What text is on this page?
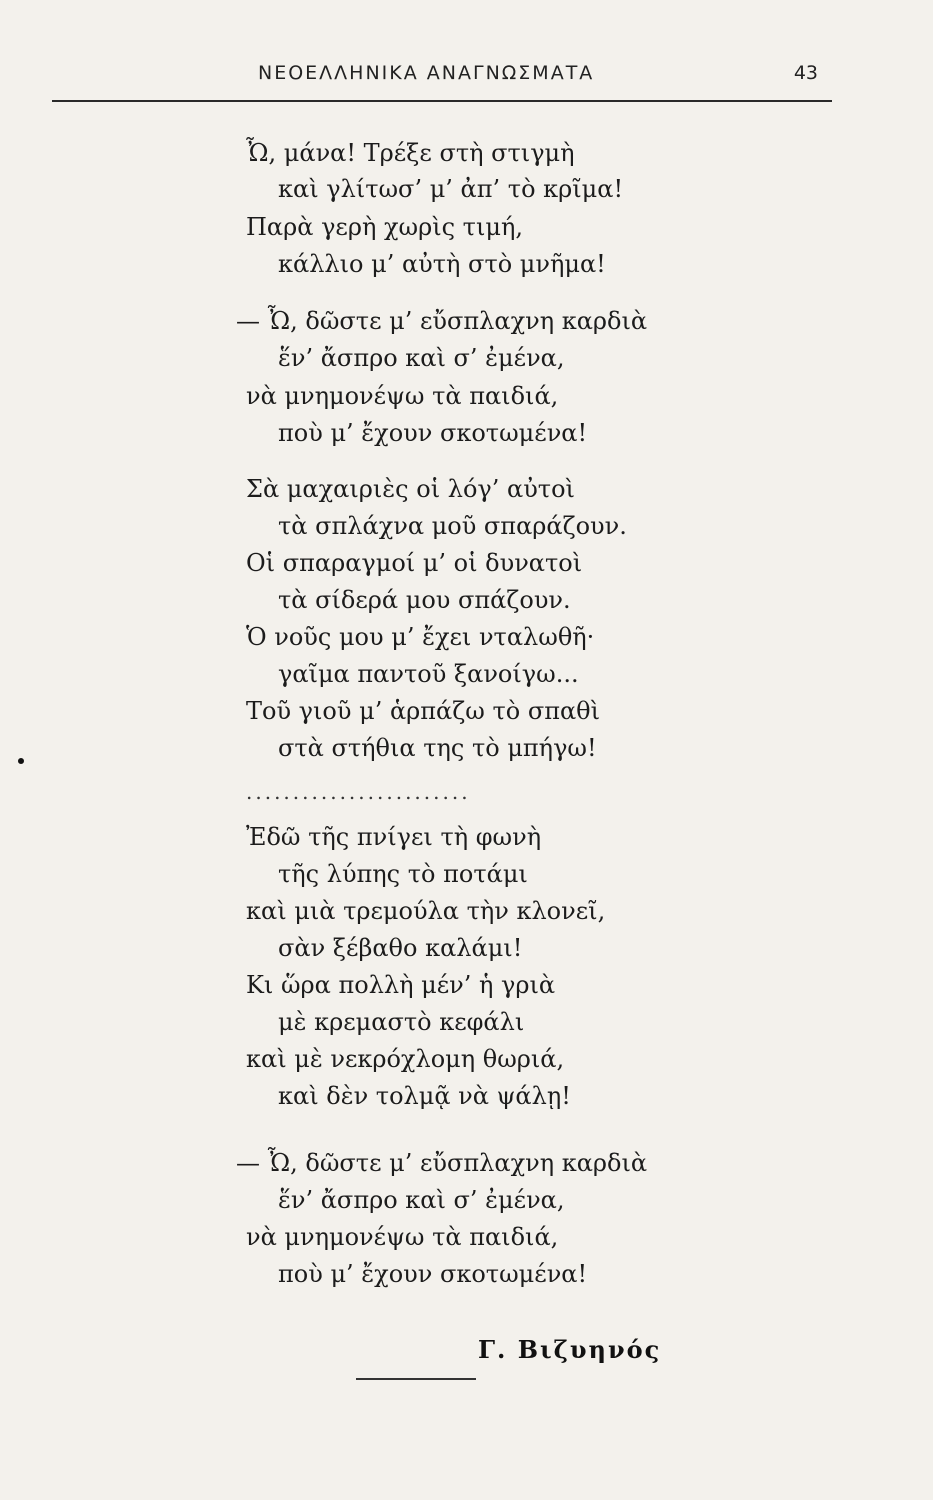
ΝΕΟΕΛΛΗΝΙΚΑ ΑΝΑΓΝΩΣΜΑΤΑ	43
Ὦ, μάνα! Τρέξε στὴ στιγμὴ
καὶ γλίτωσ’ μ’ ἀπ’ τὸ κρῖμα!
Παρὰ γερὴ χωρὶς τιμή,
κάλλιο μ’ αὐτὴ στὸ μνῆμα!
— Ὦ, δῶστε μ’ εὔσπλαχνη καρδιὰ
ἕν’ ἄσπρο καὶ σ’ ἐμένα,
νὰ μνημονέψω τὰ παιδιά,
ποὺ μ’ ἔχουν σκοτωμένα!
Σὰ μαχαιριὲς οἱ λόγ’ αὐτοὶ
τὰ σπλάχνα μοῦ σπαράζουν.
Οἱ σπαραγμοί μ’ οἱ δυνατοὶ
τὰ σίδερά μου σπάζουν.
Ὁ νοῦς μου μ’ ἔχει νταλωθῆ·
γαῖμα παντοῦ ξανοίγω...
Τοῦ γιοῦ μ’ ἁρπάζω τὸ σπαθὶ
στὰ στήθια της τὸ μπήγω!
........................
Ἐδῶ τῆς πνίγει τὴ φωνὴ
τῆς λύπης τὸ ποτάμι
καὶ μιὰ τρεμούλα τὴν κλονεῖ,
σὰν ξέβαθο καλάμι!
Κι ὥρα πολλὴ μέν’ ἡ γριὰ
μὲ κρεμαστὸ κεφάλι
καὶ μὲ νεκρόχλομη θωριά,
καὶ δὲν τολμᾷ νὰ ψάλῃ!
— Ὦ, δῶστε μ’ εὔσπλαχνη καρδιὰ
ἕν’ ἄσπρο καὶ σ’ ἐμένα,
νὰ μνημονέψω τὰ παιδιά,
ποὺ μ’ ἔχουν σκοτωμένα!
Γ. Βιζυηνός
